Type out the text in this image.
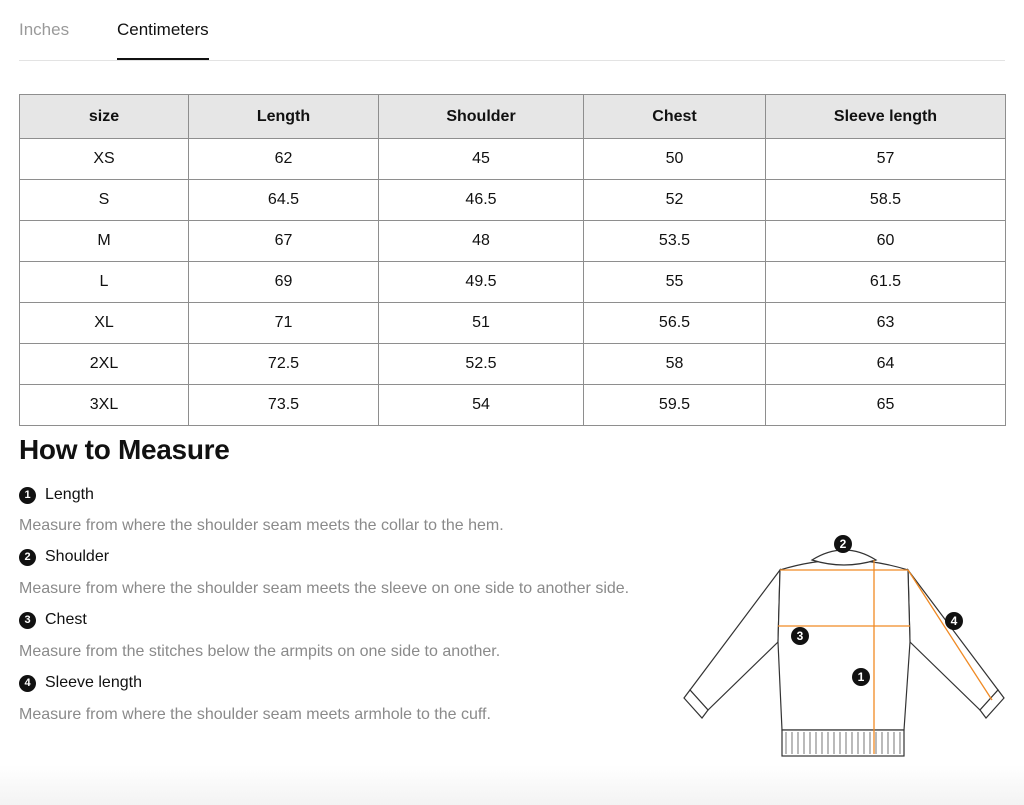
Inches	Centimeters
size	Length	Shoulder	Chest	Sleeve length
XS	62	45	50	57
S	64.5	46.5	52	58.5
M	67	48	53.5	60
L	69	49.5	55	61.5
XL	71	51	56.5	63
2XL	72.5	52.5	58	64
3XL	73.5	54	59.5	65
How to Measure
1 Length
Measure from where the shoulder seam meets the collar to the hem.
2 Shoulder
Measure from where the shoulder seam meets the sleeve on one side to another side.
3 Chest
Measure from the stitches below the armpits on one side to another.
4 Sleeve length
Measure from where the shoulder seam meets armhole to the cuff.
2
3
1
4
